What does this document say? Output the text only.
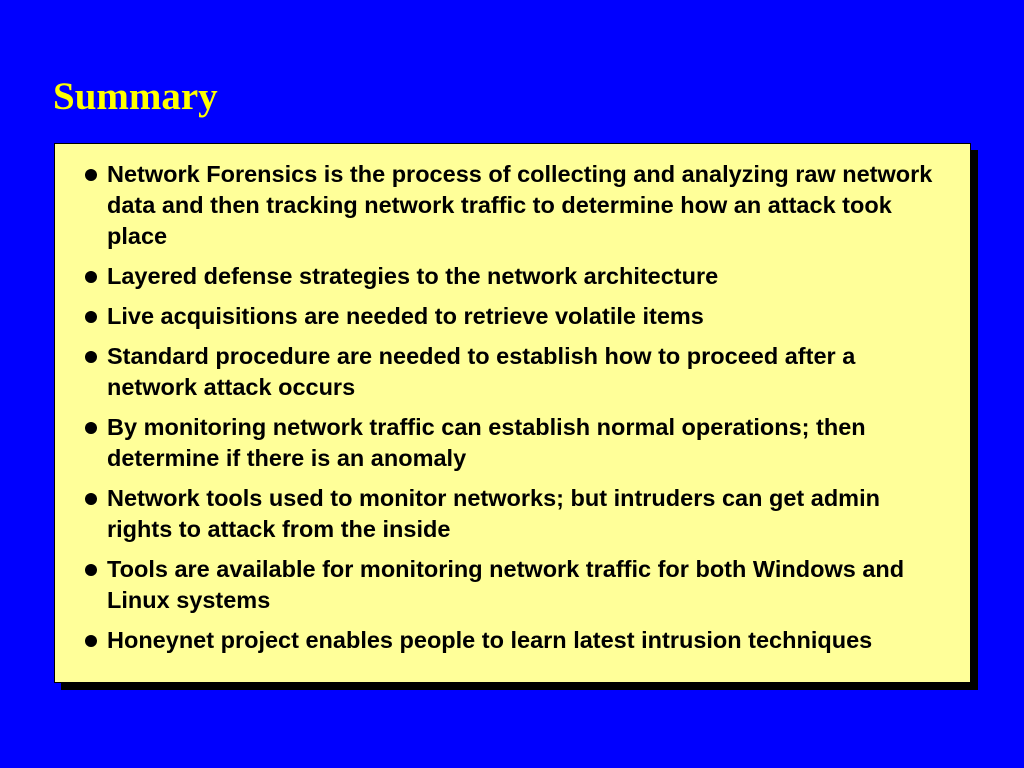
Summary
Network Forensics is the process of collecting and analyzing raw network data and then tracking network traffic to determine how an attack took place
Layered defense strategies to the network architecture
Live acquisitions are needed to retrieve volatile items
Standard procedure are needed to establish how to proceed after a network attack occurs
By monitoring network traffic can establish normal operations; then determine if there is an anomaly
Network tools used to monitor networks; but intruders can get admin rights to attack from the inside
Tools are available for monitoring network traffic for both Windows and Linux systems
Honeynet project enables people to learn latest intrusion techniques
